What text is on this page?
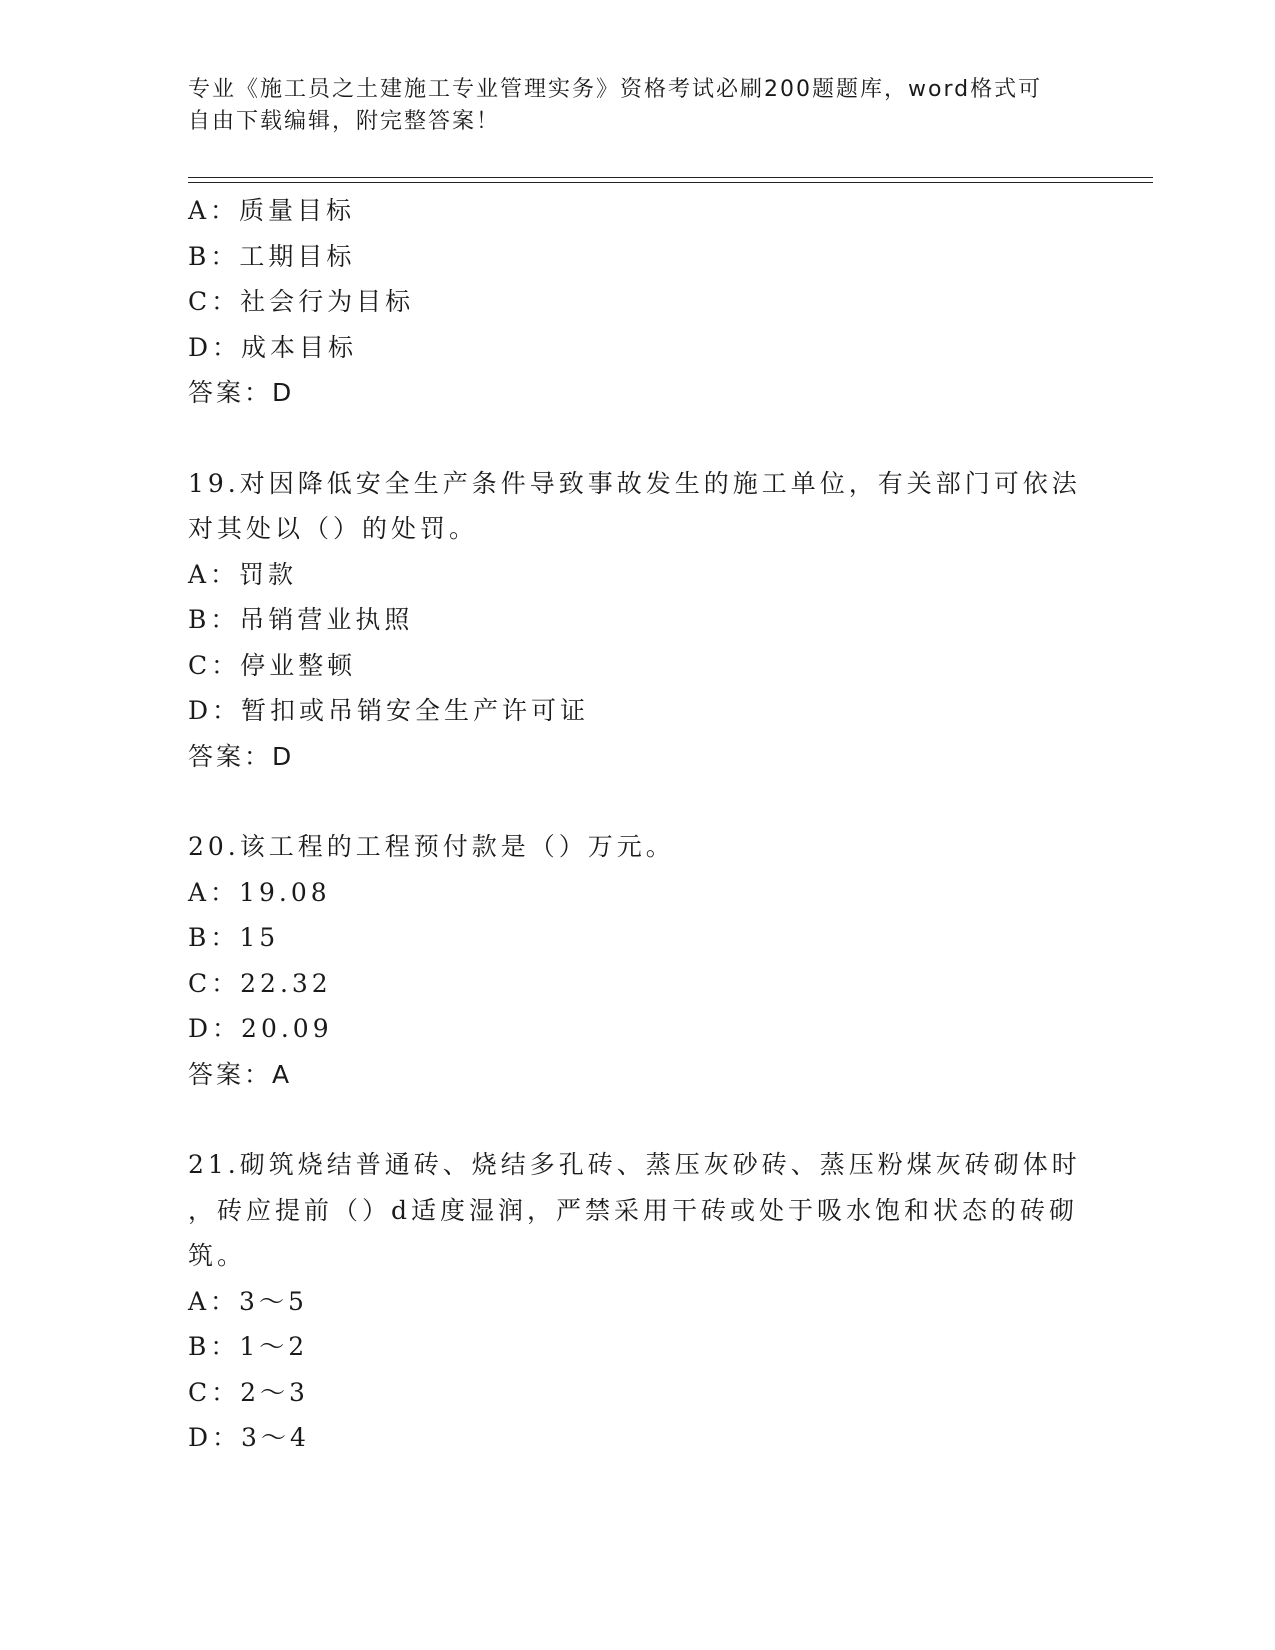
专业《施工员之土建施工专业管理实务》资格考试必刷200题题库，word格式可
自由下载编辑，附完整答案！
A：质量目标
B：工期目标
C：社会行为目标
D：成本目标
答案：D
19.对因降低安全生产条件导致事故发生的施工单位，有关部门可依法
对其处以（）的处罚。
A：罚款
B：吊销营业执照
C：停业整顿
D：暂扣或吊销安全生产许可证
答案：D
20.该工程的工程预付款是（）万元。
A：19.08
B：15
C：22.32
D：20.09
答案：A
21.砌筑烧结普通砖、烧结多孔砖、蒸压灰砂砖、蒸压粉煤灰砖砌体时
，砖应提前（）d适度湿润，严禁采用干砖或处于吸水饱和状态的砖砌
筑。
A：3～5
B：1～2
C：2～3
D：3～4
